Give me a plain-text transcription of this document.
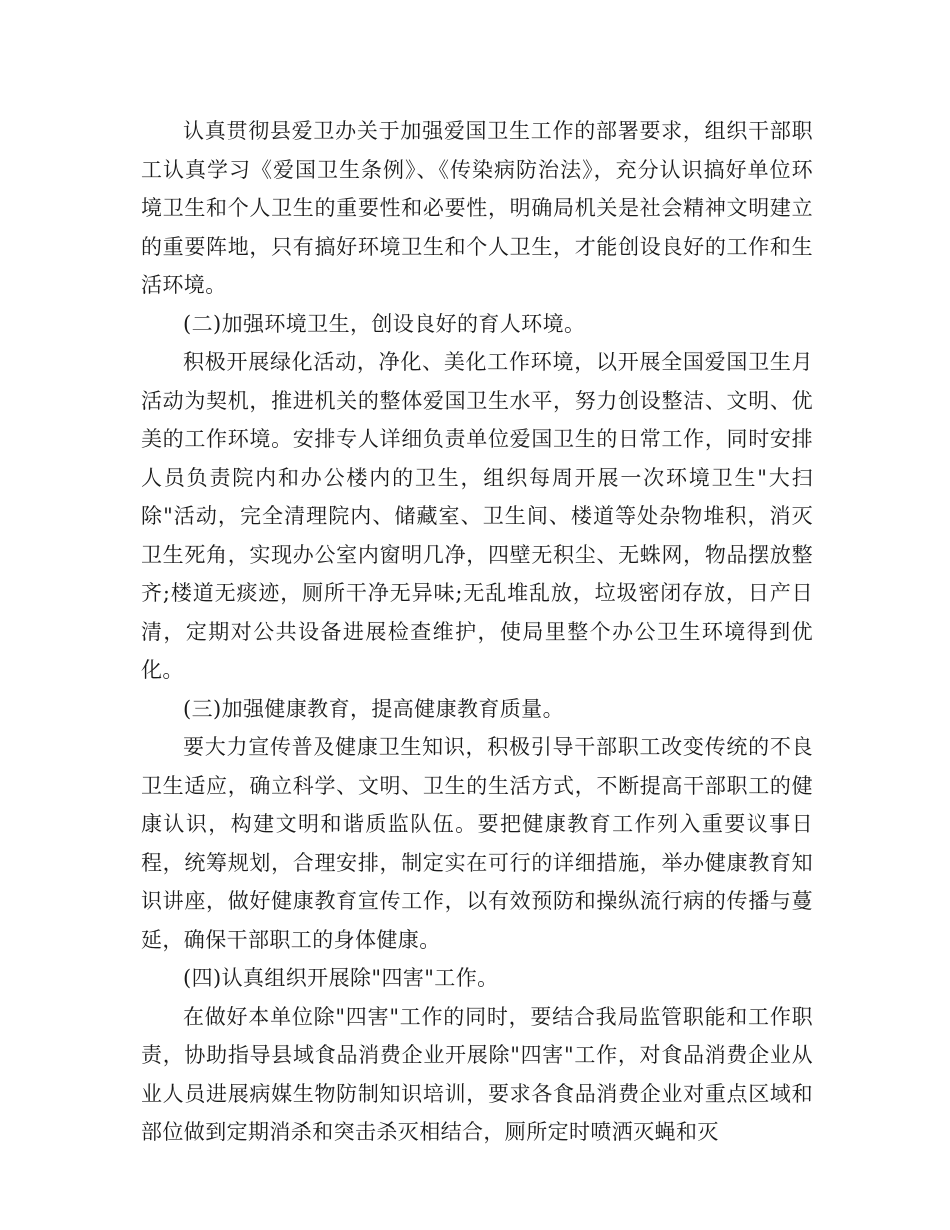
认真贯彻县爱卫办关于加强爱国卫生工作的部署要求，组织干部职工认真学习《爱国卫生条例》、《传染病防治法》，充分认识搞好单位环境卫生和个人卫生的重要性和必要性，明确局机关是社会精神文明建立的重要阵地，只有搞好环境卫生和个人卫生，才能创设良好的工作和生活环境。

(二)加强环境卫生，创设良好的育人环境。

积极开展绿化活动，净化、美化工作环境，以开展全国爱国卫生月活动为契机，推进机关的整体爱国卫生水平，努力创设整洁、文明、优美的工作环境。安排专人详细负责单位爱国卫生的日常工作，同时安排人员负责院内和办公楼内的卫生，组织每周开展一次环境卫生"大扫除"活动，完全清理院内、储藏室、卫生间、楼道等处杂物堆积，消灭卫生死角，实现办公室内窗明几净，四壁无积尘、无蛛网，物品摆放整齐;楼道无痰迹，厕所干净无异味;无乱堆乱放，垃圾密闭存放，日产日清，定期对公共设备进展检查维护，使局里整个办公卫生环境得到优化。

(三)加强健康教育，提高健康教育质量。

要大力宣传普及健康卫生知识，积极引导干部职工改变传统的不良卫生适应，确立科学、文明、卫生的生活方式，不断提高干部职工的健康认识，构建文明和谐质监队伍。要把健康教育工作列入重要议事日程，统筹规划，合理安排，制定实在可行的详细措施，举办健康教育知识讲座，做好健康教育宣传工作，以有效预防和操纵流行病的传播与蔓延，确保干部职工的身体健康。

(四)认真组织开展除"四害"工作。

在做好本单位除"四害"工作的同时，要结合我局监管职能和工作职责，协助指导县域食品消费企业开展除"四害"工作，对食品消费企业从业人员进展病媒生物防制知识培训，要求各食品消费企业对重点区域和部位做到定期消杀和突击杀灭相结合，厕所定时喷洒灭蝇和灭
